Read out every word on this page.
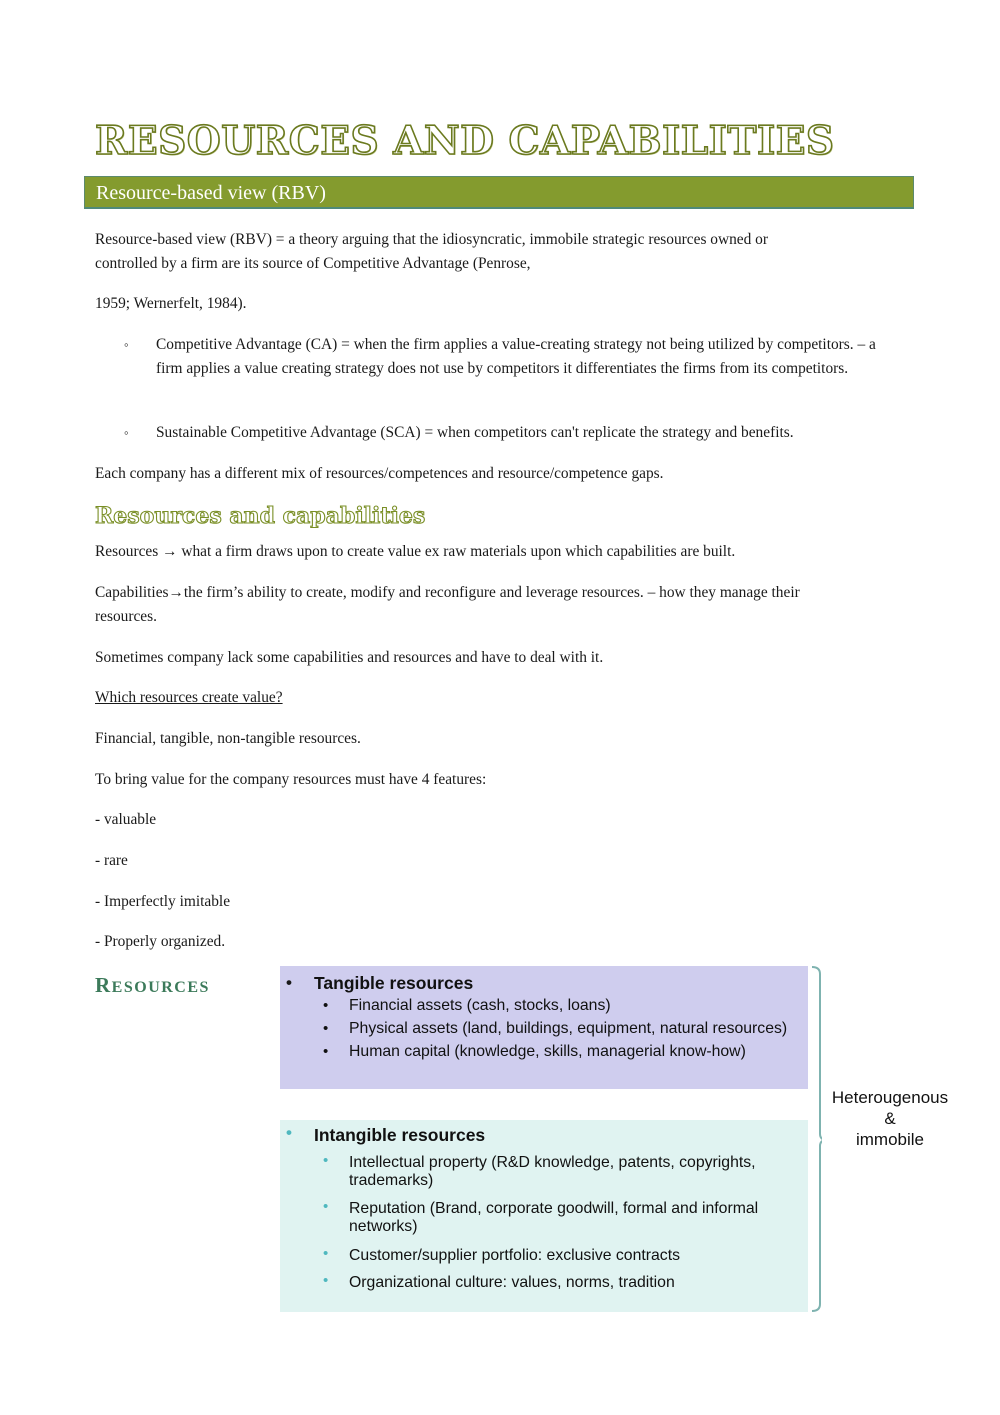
RESOURCES AND CAPABILITIES
Resource-based view (RBV)

Resource-based view (RBV) = a theory arguing that the idiosyncratic, immobile strategic resources owned or
controlled by a firm are its source of Competitive Advantage (Penrose,

1959; Wernerfelt, 1984).

◦ Competitive Advantage (CA) = when the firm applies a value-creating strategy not being utilized by competitors. – a firm applies a value creating strategy does not use by competitors it differentiates the firms from its competitors.
◦ Sustainable Competitive Advantage (SCA) = when competitors can't replicate the strategy and benefits.

Each company has a different mix of resources/competences and resource/competence gaps.

Resources and capabilities

Resources → what a firm draws upon to create value ex raw materials upon which capabilities are built.

Capabilities→the firm’s ability to create, modify and reconfigure and leverage resources. – how they manage their
resources.

Sometimes company lack some capabilities and resources and have to deal with it.

Which resources create value?

Financial, tangible, non-tangible resources.

To bring value for the company resources must have 4 features:

- valuable

- rare

- Imperfectly imitable

- Properly organized.

RESOURCES	• Tangible resources
• Financial assets (cash, stocks, loans)
• Physical assets (land, buildings, equipment, natural resources)
• Human capital (knowledge, skills, managerial know-how)
• Intangible resources
• Intellectual property (R&D knowledge, patents, copyrights, trademarks)
• Reputation (Brand, corporate goodwill, formal and informal networks)
• Customer/supplier portfolio: exclusive contracts
• Organizational culture: values, norms, tradition
Heterougenous
&
immobile
